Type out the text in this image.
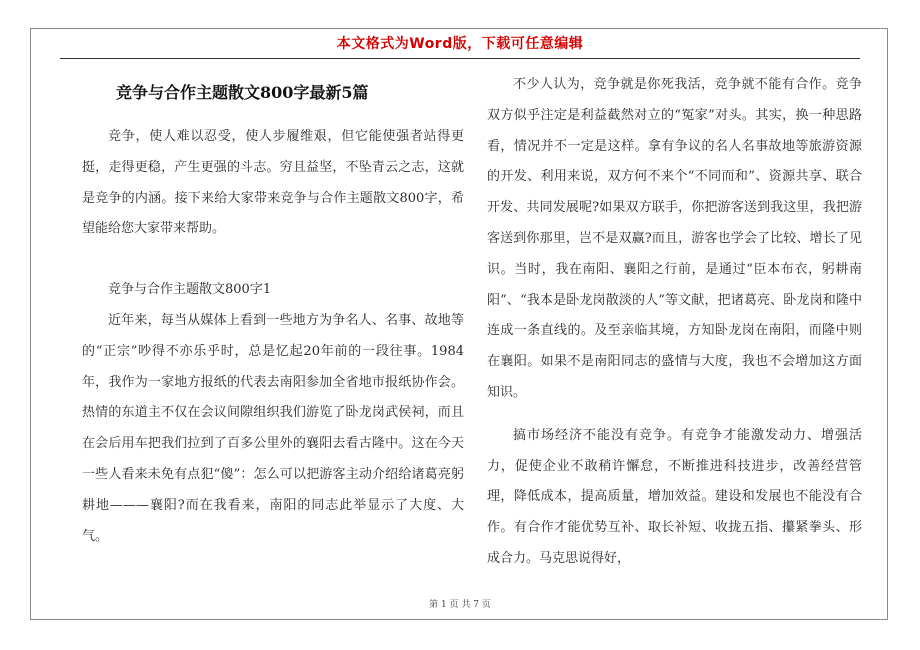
本文格式为Word版，下载可任意编辑
竞争与合作主题散文800字最新5篇

竞争，使人难以忍受，使人步履维艰，但它能使强者站得更挺，走得更稳，产生更强的斗志。穷且益坚，不坠青云之志，这就是竞争的内涵。接下来给大家带来竞争与合作主题散文800字，希望能给您大家带来帮助。

竞争与合作主题散文800字1

近年来，每当从媒体上看到一些地方为争名人、名事、故地等的“正宗”吵得不亦乐乎时，总是忆起20年前的一段往事。1984年，我作为一家地方报纸的代表去南阳参加全省地市报纸协作会。热情的东道主不仅在会议间隙组织我们游览了卧龙岗武侯祠，而且在会后用车把我们拉到了百多公里外的襄阳去看古隆中。这在今天一些人看来未免有点犯“傻”：怎么可以把游客主动介绍给诸葛亮躬耕地———襄阳?而在我看来，南阳的同志此举显示了大度、大气。

不少人认为，竞争就是你死我活，竞争就不能有合作。竞争双方似乎注定是利益截然对立的“冤家”对头。其实，换一种思路看，情况并不一定是这样。拿有争议的名人名事故地等旅游资源的开发、利用来说，双方何不来个“不同而和”、资源共享、联合开发、共同发展呢?如果双方联手，你把游客送到我这里，我把游客送到你那里，岂不是双赢?而且，游客也学会了比较、增长了见识。当时，我在南阳、襄阳之行前，是通过“臣本布衣，躬耕南阳”、“我本是卧龙岗散淡的人”等文献，把诸葛亮、卧龙岗和隆中连成一条直线的。及至亲临其境，方知卧龙岗在南阳，而隆中则在襄阳。如果不是南阳同志的盛情与大度，我也不会增加这方面知识。

搞市场经济不能没有竞争。有竞争才能激发动力、增强活力，促使企业不敢稍许懈怠，不断推进科技进步，改善经营管理，降低成本，提高质量，增加效益。建设和发展也不能没有合作。有合作才能优势互补、取长补短、收拢五指、攥紧拳头、形成合力。马克思说得好，

第 1 页 共 7 页
